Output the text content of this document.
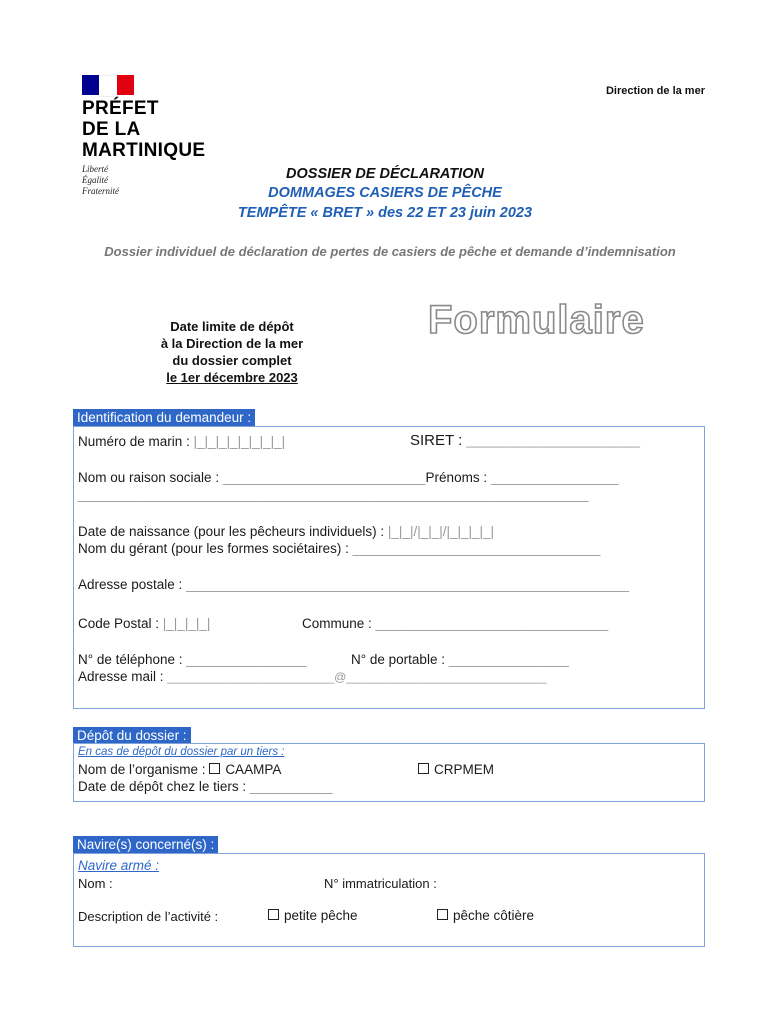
PRÉFET
DE LA
MARTINIQUE
Liberté
Égalité
Fraternité
Direction de la mer
DOSSIER DE DÉCLARATION
DOMMAGES CASIERS DE PÊCHE
TEMPÊTE « BRET » des 22 ET 23 juin 2023
Dossier individuel de déclaration de pertes de casiers de pêche et demande d’indemnisation
Date limite de dépôt
à la Direction de la mer
du dossier complet
le 1er décembre 2023
Formulaire
Identification du demandeur :
Numéro de marin : |_|_|_|_|_|_|_|_|	SIRET : ________________________
Nom ou raison sociale : ___________________________Prénoms : _________________
____________________________________________________________________
Date de naissance (pour les pêcheurs individuels) : |_|_|/|_|_|/|_|_|_|_|
Nom du gérant (pour les formes sociétaires) : _________________________________
Adresse postale : ___________________________________________________________
Code Postal : |_|_|_|_|	Commune : _______________________________
N° de téléphone : ________________	N° de portable : ________________
Adresse mail : _________________________@______________________________
Dépôt du dossier :
En cas de dépôt du dossier par un tiers :
Nom de l’organisme : CAAMPA	CRPMEM
Date de dépôt chez le tiers : ___________
Navire(s) concerné(s) :
Navire armé :
Nom :	N° immatriculation :
Description de l’activité :	petite pêche	pêche côtière
